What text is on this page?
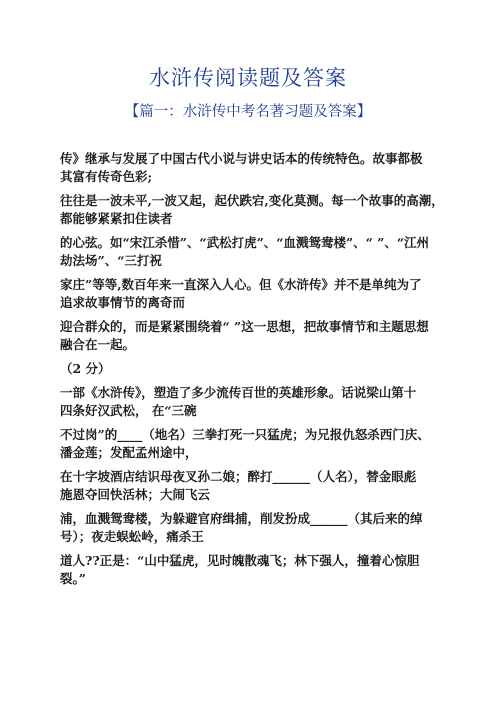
水浒传阅读题及答案

【篇一：水浒传中考名著习题及答案】

传》继承与发展了中国古代小说与讲史话本的传统特色。故事都极
其富有传奇色彩;

往往是一波未平,一波又起，起伏跌宕,变化莫测。每一个故事的高潮，
都能够紧紧扣住读者

的心弦。如“宋江杀惜”、“武松打虎”、“血溅鸳鸯楼”、“ ”、“江州
劫法场”、“三打祝

家庄”等等,数百年来一直深入人心。但《水浒传》并不是单纯为了
追求故事情节的离奇而

迎合群众的，而是紧紧围绕着“ ”这一思想，把故事情节和主题思想
融合在一起。

（2 分）

一部《水浒传》，塑造了多少流传百世的英雄形象。话说梁山第十
四条好汉武松， 在“三碗

不过岗”的____（地名）三拳打死一只猛虎；为兄报仇怒杀西门庆、
潘金莲；发配孟州途中，

在十字坡酒店结识母夜叉孙二娘；醉打______（人名），替金眼彪
施恩夺回快活林；大闹飞云

浦，血溅鸳鸯楼，为躲避官府缉捕，削发扮成______（其后来的绰
号）；夜走蜈蚣岭，痛杀王

道人??正是：“山中猛虎，见时魄散魂飞；林下强人，撞着心惊胆
裂。”
